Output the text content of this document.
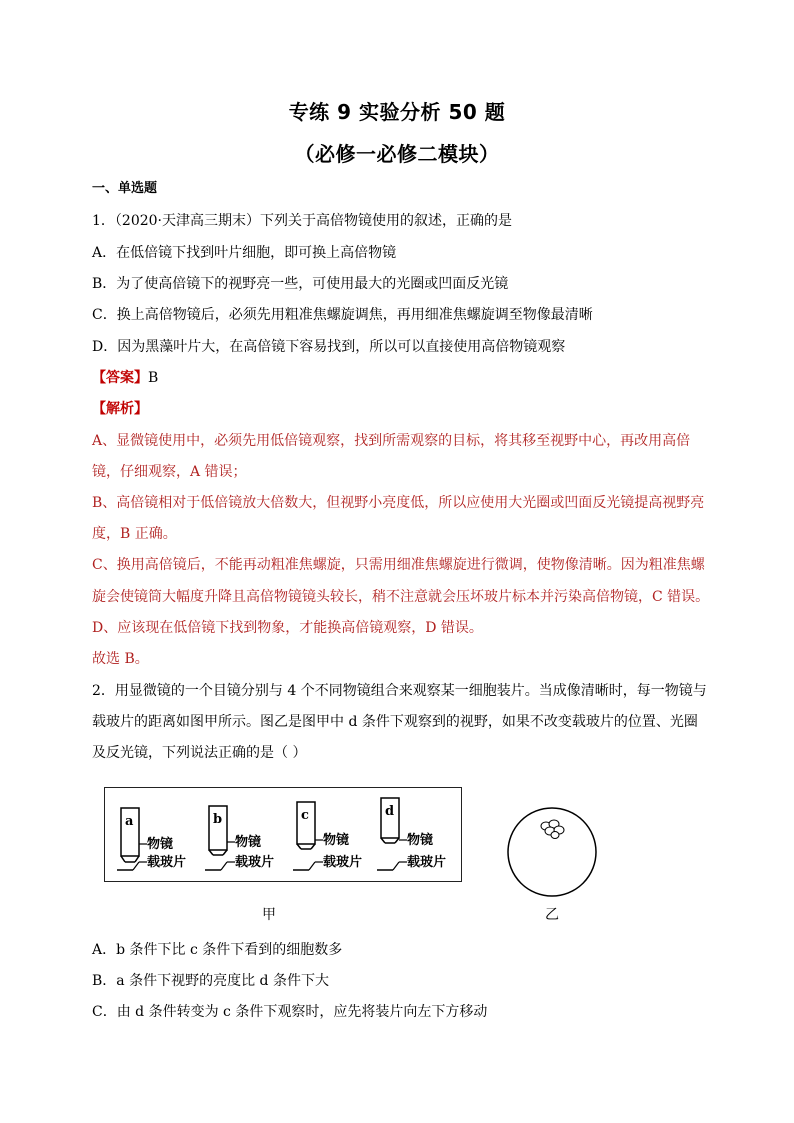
专练 9 实验分析 50 题
（必修一必修二模块）
一、单选题
1．（2020·天津高三期末）下列关于高倍物镜使用的叙述，正确的是
A．在低倍镜下找到叶片细胞，即可换上高倍物镜
B．为了使高倍镜下的视野亮一些，可使用最大的光圈或凹面反光镜
C．换上高倍物镜后，必须先用粗准焦螺旋调焦，再用细准焦螺旋调至物像最清晰
D．因为黑藻叶片大，在高倍镜下容易找到，所以可以直接使用高倍物镜观察
【答案】B
【解析】
A、显微镜使用中，必须先用低倍镜观察，找到所需观察的目标，将其移至视野中心，再改用高倍
镜，仔细观察，A 错误；
B、高倍镜相对于低倍镜放大倍数大，但视野小亮度低，所以应使用大光圈或凹面反光镜提高视野亮
度，B 正确。
C、换用高倍镜后，不能再动粗准焦螺旋，只需用细准焦螺旋进行微调，使物像清晰。因为粗准焦螺
旋会使镜筒大幅度升降且高倍物镜镜头较长，稍不注意就会压坏玻片标本并污染高倍物镜，C 错误。
D、应该现在低倍镜下找到物象，才能换高倍镜观察，D 错误。
故选 B。
2．用显微镜的一个目镜分别与 4 个不同物镜组合来观察某一细胞装片。当成像清晰时，每一物镜与
载玻片的距离如图甲所示。图乙是图甲中 d 条件下观察到的视野，如果不改变载玻片的位置、光圈
及反光镜，下列说法正确的是（ ）
a
物镜
载玻片
b
物镜
载玻片
c
物镜
载玻片
d
物镜
载玻片
甲	乙
A．b 条件下比 c 条件下看到的细胞数多
B．a 条件下视野的亮度比 d 条件下大
C．由 d 条件转变为 c 条件下观察时，应先将装片向左下方移动
